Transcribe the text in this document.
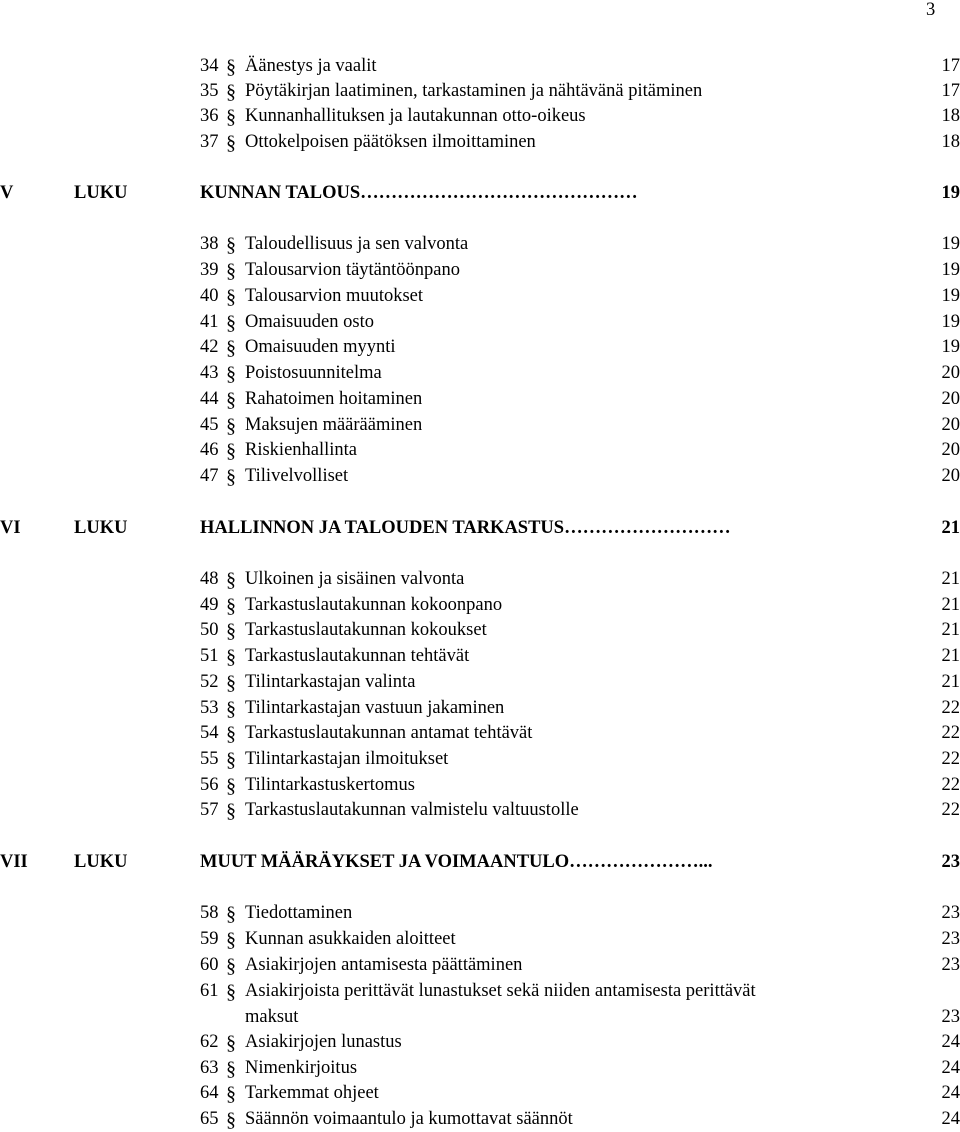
3
34 § Äänestys ja vaalit	17
35 § Pöytäkirjan laatiminen, tarkastaminen ja nähtävänä pitäminen	17
36 § Kunnanhallituksen ja lautakunnan otto-oikeus	18
37 § Ottokelpoisen päätöksen ilmoittaminen	18
V	LUKU	KUNNAN TALOUS………………………………………	19
38 § Taloudellisuus ja sen valvonta	19
39 § Talousarvion täytäntöönpano	19
40 § Talousarvion muutokset	19
41 § Omaisuuden osto	19
42 § Omaisuuden myynti	19
43 § Poistosuunnitelma	20
44 § Rahatoimen hoitaminen	20
45 § Maksujen määrääminen	20
46 § Riskienhallinta	20
47 § Tilivelvolliset	20
VI	LUKU	HALLINNON JA TALOUDEN TARKASTUS………………………	21
48 § Ulkoinen ja sisäinen valvonta	21
49 § Tarkastuslautakunnan kokoonpano	21
50 § Tarkastuslautakunnan kokoukset	21
51 § Tarkastuslautakunnan tehtävät	21
52 § Tilintarkastajan valinta	21
53 § Tilintarkastajan vastuun jakaminen	22
54 § Tarkastuslautakunnan antamat tehtävät	22
55 § Tilintarkastajan ilmoitukset	22
56 § Tilintarkastuskertomus	22
57 § Tarkastuslautakunnan valmistelu valtuustolle	22
VII LUKU	MUUT MÄÄRÄYKSET JA VOIMAANTULO…………………...	23
58 § Tiedottaminen	23
59 § Kunnan asukkaiden aloitteet	23
60 § Asiakirjojen antamisesta päättäminen	23
61 § Asiakirjoista perittävät lunastukset sekä niiden antamisesta perittävät
maksut	23
62 § Asiakirjojen lunastus	24
63 § Nimenkirjoitus	24
64 § Tarkemmat ohjeet	24
65 § Säännön voimaantulo ja kumottavat säännöt	24
